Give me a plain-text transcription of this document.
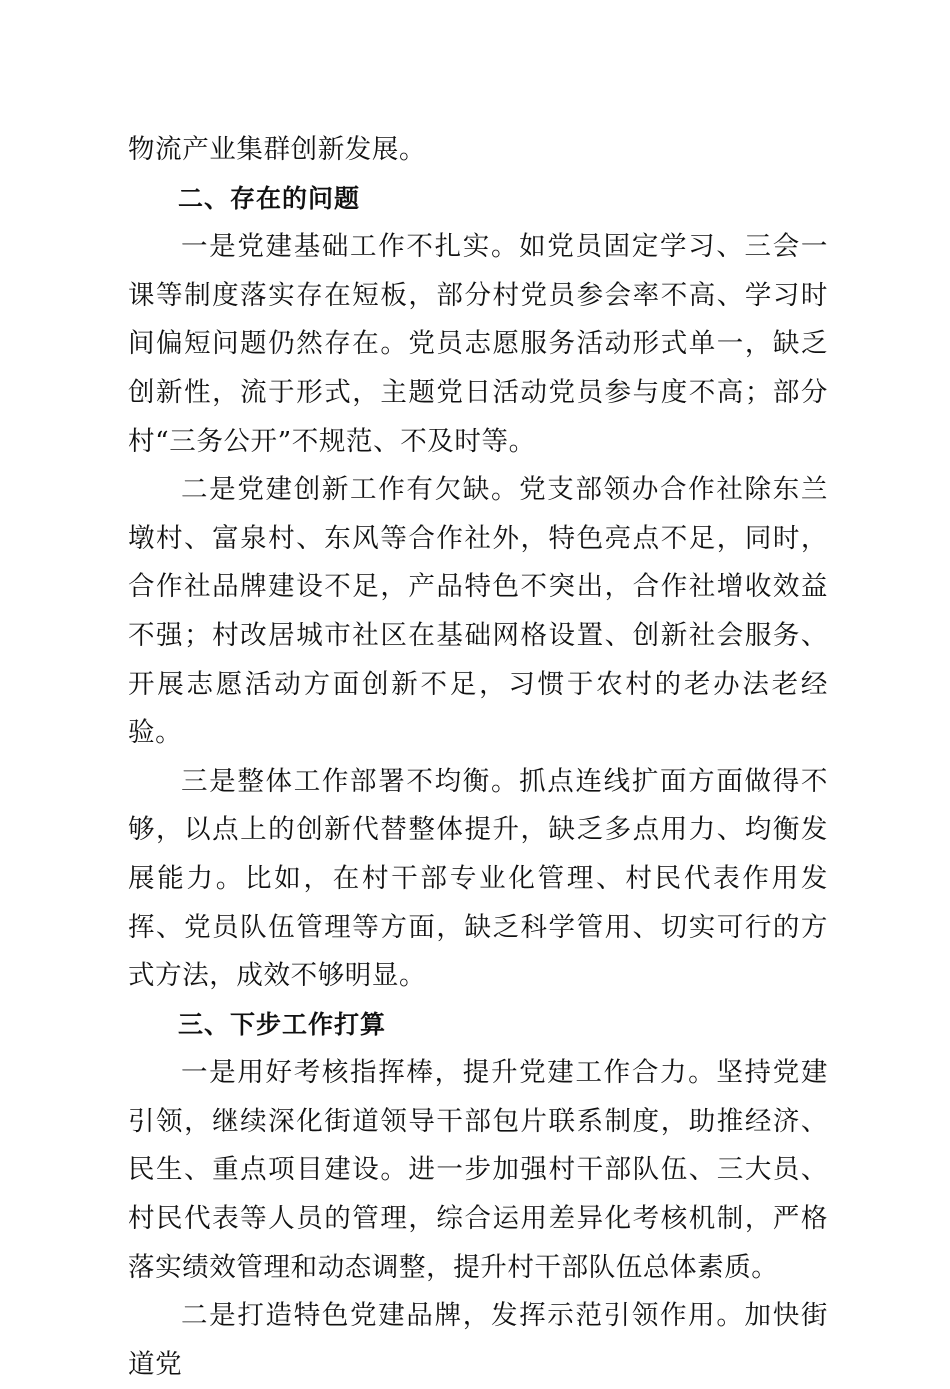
物流产业集群创新发展。

二、存在的问题

一是党建基础工作不扎实。如党员固定学习、三会一课等制度落实存在短板，部分村党员参会率不高、学习时间偏短问题仍然存在。党员志愿服务活动形式单一，缺乏创新性，流于形式，主题党日活动党员参与度不高；部分村“三务公开”不规范、不及时等。

二是党建创新工作有欠缺。党支部领办合作社除东兰墩村、富泉村、东风等合作社外，特色亮点不足，同时，合作社品牌建设不足，产品特色不突出，合作社增收效益不强；村改居城市社区在基础网格设置、创新社会服务、开展志愿活动方面创新不足，习惯于农村的老办法老经验。

三是整体工作部署不均衡。抓点连线扩面方面做得不够，以点上的创新代替整体提升，缺乏多点用力、均衡发展能力。比如，在村干部专业化管理、村民代表作用发挥、党员队伍管理等方面，缺乏科学管用、切实可行的方式方法，成效不够明显。

三、下步工作打算

一是用好考核指挥棒，提升党建工作合力。坚持党建引领，继续深化街道领导干部包片联系制度，助推经济、民生、重点项目建设。进一步加强村干部队伍、三大员、村民代表等人员的管理，综合运用差异化考核机制，严格落实绩效管理和动态调整，提升村干部队伍总体素质。

二是打造特色党建品牌，发挥示范引领作用。加快街道党
